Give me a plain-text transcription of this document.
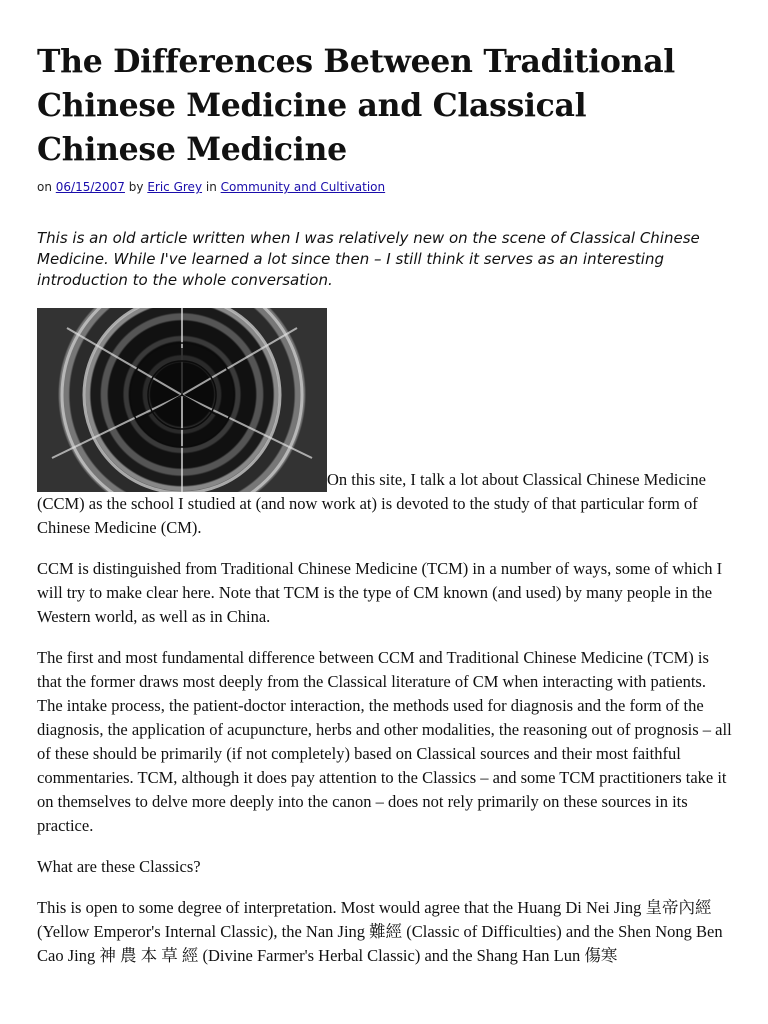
The Differences Between Traditional Chinese Medicine and Classical Chinese Medicine
on 06/15/2007 by Eric Grey in Community and Cultivation

This is an old article written when I was relatively new on the scene of Classical Chinese Medicine. While I've learned a lot since then – I still think it serves as an interesting introduction to the whole conversation.

On this site, I talk a lot about Classical Chinese Medicine (CCM) as the school I studied at (and now work at) is devoted to the study of that particular form of Chinese Medicine (CM).

CCM is distinguished from Traditional Chinese Medicine (TCM) in a number of ways, some of which I will try to make clear here. Note that TCM is the type of CM known (and used) by many people in the Western world, as well as in China.

The first and most fundamental difference between CCM and Traditional Chinese Medicine (TCM) is that the former draws most deeply from the Classical literature of CM when interacting with patients. The intake process, the patient-doctor interaction, the methods used for diagnosis and the form of the diagnosis, the application of acupuncture, herbs and other modalities, the reasoning out of prognosis – all of these should be primarily (if not completely) based on Classical sources and their most faithful commentaries. TCM, although it does pay attention to the Classics – and some TCM practitioners take it on themselves to delve more deeply into the canon – does not rely primarily on these sources in its practice.

What are these Classics?

This is open to some degree of interpretation. Most would agree that the Huang Di Nei Jing 皇帝內經 (Yellow Emperor's Internal Classic), the Nan Jing 難經 (Classic of Difficulties) and the Shen Nong Ben Cao Jing 神 農 本 草 經 (Divine Farmer's Herbal Classic) and the Shang Han Lun 傷寒
